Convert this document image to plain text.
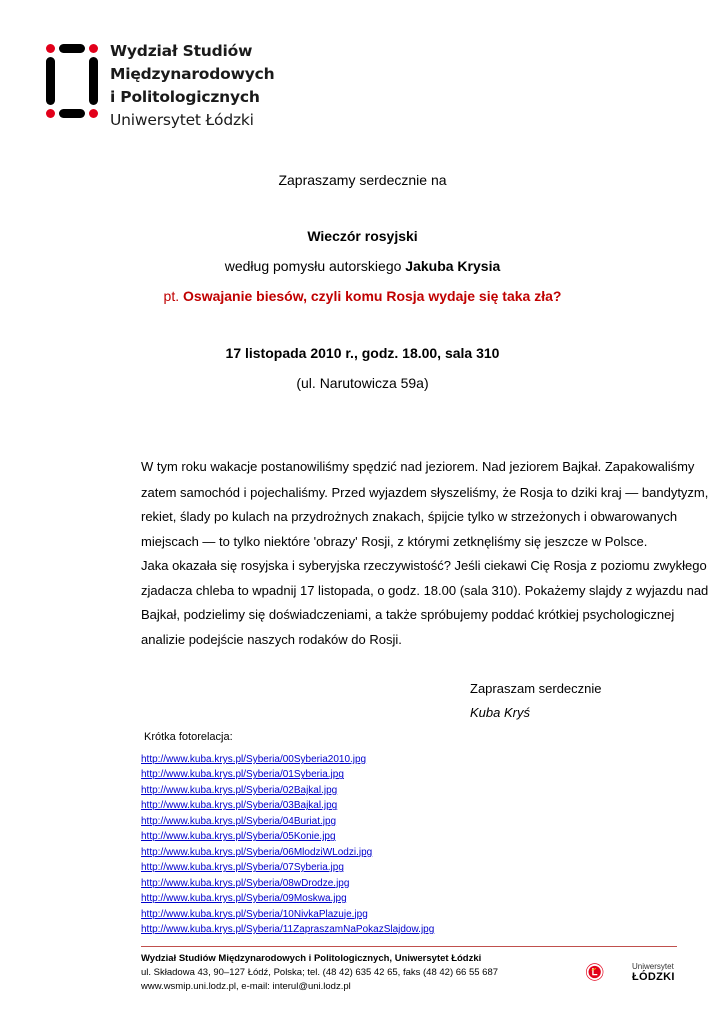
Wydział Studiów
Międzynarodowych
i Politologicznych
Uniwersytet Łódzki
Zapraszamy serdecznie na
Wieczór rosyjski
według pomysłu autorskiego Jakuba Krysia
pt. Oswajanie biesów, czyli komu Rosja wydaje się taka zła?
17 listopada 2010 r., godz. 18.00, sala 310
(ul. Narutowicza 59a)
W tym roku wakacje postanowiliśmy spędzić nad jeziorem. Nad jeziorem Bajkał. Zapakowaliśmy
zatem samochód i pojechaliśmy. Przed wyjazdem słyszeliśmy, że Rosja to dziki kraj — bandytyzm,
rekiet, ślady po kulach na przydrożnych znakach, śpijcie tylko w strzeżonych i obwarowanych
miejscach — to tylko niektóre 'obrazy' Rosji, z którymi zetknęliśmy się jeszcze w Polsce.
Jaka okazała się rosyjska i syberyjska rzeczywistość? Jeśli ciekawi Cię Rosja z poziomu zwykłego
zjadacza chleba to wpadnij 17 listopada, o godz. 18.00 (sala 310). Pokażemy slajdy z wyjazdu nad
Bajkał, podzielimy się doświadczeniami, a także spróbujemy poddać krótkiej psychologicznej
analizie podejście naszych rodaków do Rosji.
Zapraszam serdecznie
Kuba Kryś
Krótka fotorelacja:
http://www.kuba.krys.pl/Syberia/00Syberia2010.jpg
http://www.kuba.krys.pl/Syberia/01Syberia.jpg
http://www.kuba.krys.pl/Syberia/02Bajkal.jpg
http://www.kuba.krys.pl/Syberia/03Bajkal.jpg
http://www.kuba.krys.pl/Syberia/04Buriat.jpg
http://www.kuba.krys.pl/Syberia/05Konie.jpg
http://www.kuba.krys.pl/Syberia/06MlodziWLodzi.jpg
http://www.kuba.krys.pl/Syberia/07Syberia.jpg
http://www.kuba.krys.pl/Syberia/08wDrodze.jpg
http://www.kuba.krys.pl/Syberia/09Moskwa.jpg
http://www.kuba.krys.pl/Syberia/10NivkaPlazuje.jpg
http://www.kuba.krys.pl/Syberia/11ZapraszamNaPokazSlajdow.jpg
Wydział Studiów Międzynarodowych i Politologicznych, Uniwersytet Łódzki
ul. Składowa 43, 90–127 Łódź, Polska; tel. (48 42) 635 42 65, faks (48 42) 66 55 687
www.wsmip.uni.lodz.pl, e-mail: interul@uni.lodz.pl
Uniwersytet
ŁÓDZKI
